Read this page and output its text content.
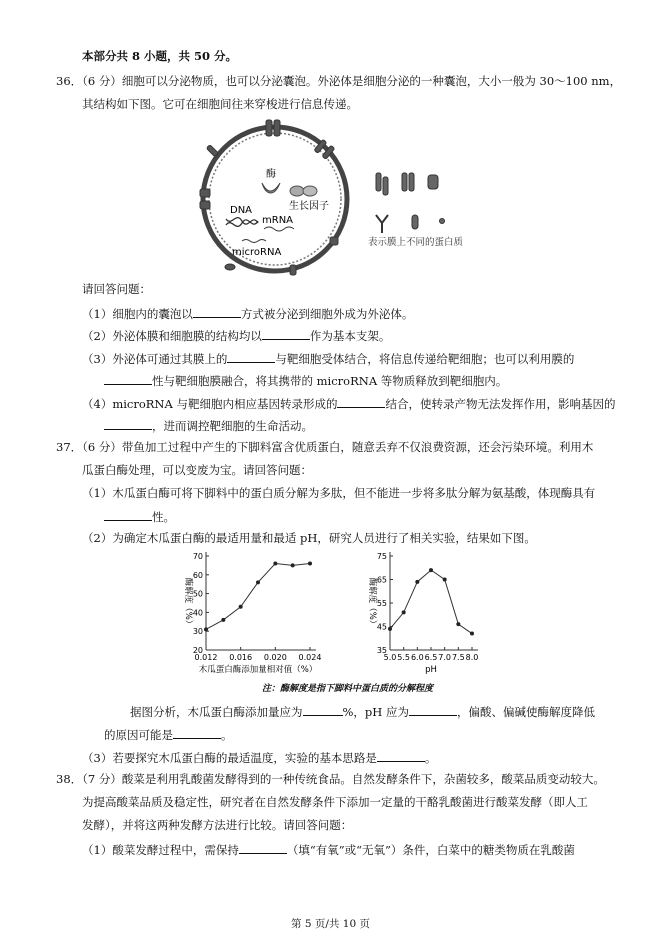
本部分共 8 小题，共 50 分。
36．（6 分）细胞可以分泌物质，也可以分泌囊泡。外泌体是细胞分泌的一种囊泡，大小一般为 30～100 nm，
其结构如下图。它可在细胞间往来穿梭进行信息传递。
酶
生长因子
DNA
mRNA
microRNA
表示膜上不同的蛋白质
请回答问题：
（1）细胞内的囊泡以	方式被分泌到细胞外成为外泌体。
（2）外泌体膜和细胞膜的结构均以	作为基本支架。
（3）外泌体可通过其膜上的	与靶细胞受体结合，将信息传递给靶细胞；也可以利用膜的
性与靶细胞膜融合，将其携带的 microRNA 等物质释放到靶细胞内。
（4）microRNA 与靶细胞内相应基因转录形成的	结合，使转录产物无法发挥作用，影响基因的
，进而调控靶细胞的生命活动。
37．（6 分）带鱼加工过程中产生的下脚料富含优质蛋白，随意丢弃不仅浪费资源，还会污染环境。利用木
瓜蛋白酶处理，可以变废为宝。请回答问题：
（1）木瓜蛋白酶可将下脚料中的蛋白质分解为多肽，但不能进一步将多肽分解为氨基酸，体现酶具有
性。
（2）为确定木瓜蛋白酶的最适用量和最适 pH，研究人员进行了相关实验，结果如下图。
20
30
40
50
60
70
0.012 0.016 0.020 0.024
酶解度（%）
木瓜蛋白酶添加量相对值（%）
35
45
55
65
75
5.0 5.5 6.0 6.5 7.0 7.5 8.0
酶解度（%）
pH
注：酶解度是指下脚料中蛋白质的分解程度
据图分析，木瓜蛋白酶添加量应为	%，pH 应为	，偏酸、偏碱使酶解度降低
的原因可能是	。
（3）若要探究木瓜蛋白酶的最适温度，实验的基本思路是	。
38．（7 分）酸菜是利用乳酸菌发酵得到的一种传统食品。自然发酵条件下，杂菌较多，酸菜品质变动较大。
为提高酸菜品质及稳定性，研究者在自然发酵条件下添加一定量的干酪乳酸菌进行酸菜发酵（即人工
发酵），并将这两种发酵方法进行比较。请回答问题：
（1）酸菜发酵过程中，需保持	（填“有氧”或“无氧”）条件，白菜中的糖类物质在乳酸菌
第 5 页/共 10 页
